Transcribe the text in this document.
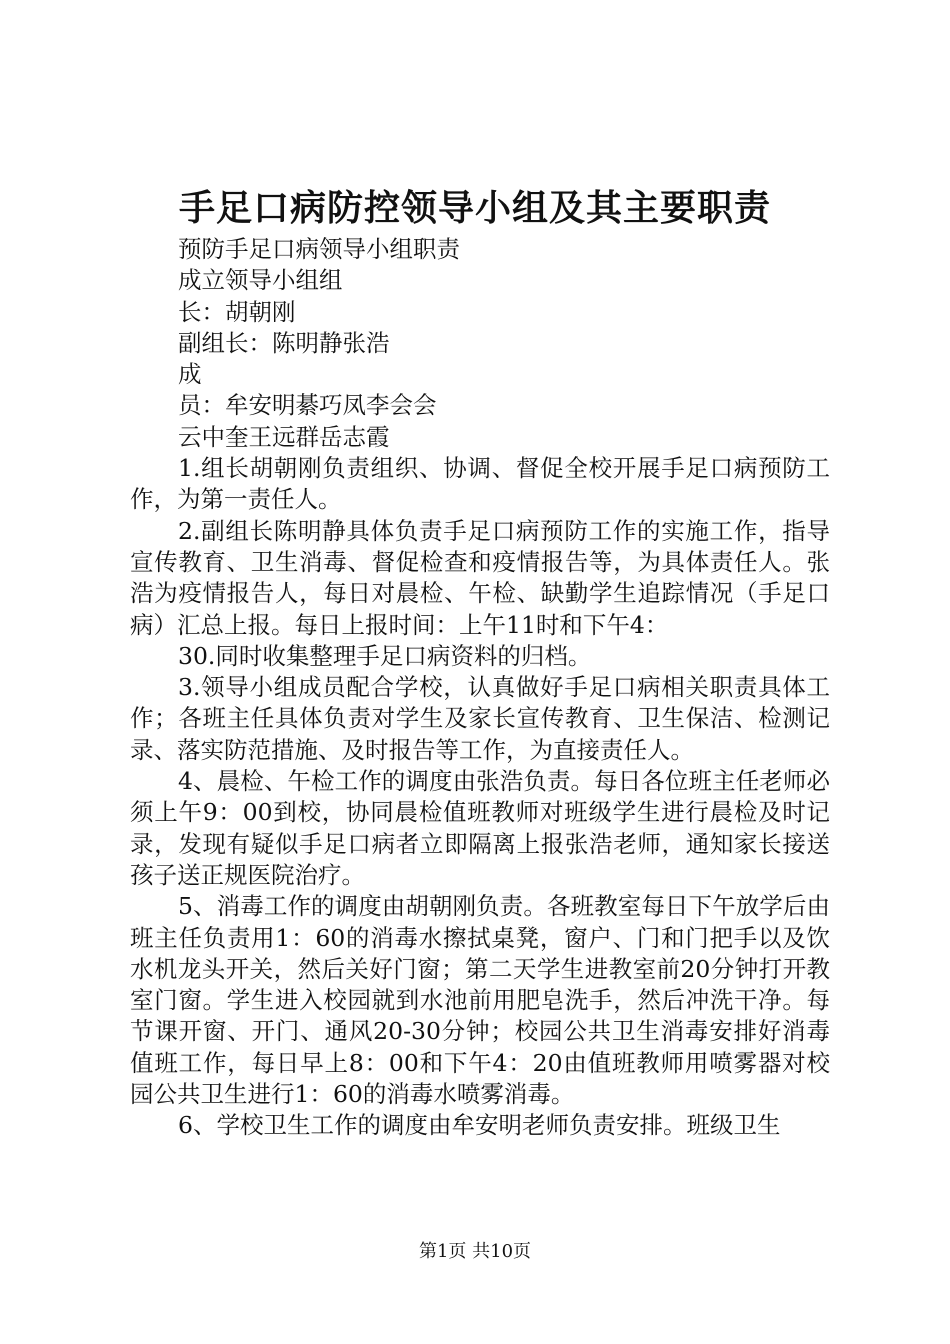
手足口病防控领导小组及其主要职责

预防手足口病领导小组职责

成立领导小组组

长：胡朝刚

副组长：陈明静张浩

成

员：牟安明綦巧凤李会会

云中奎王远群岳志霞

1.组长胡朝刚负责组织、协调、督促全校开展手足口病预防工作，为第一责任人。

2.副组长陈明静具体负责手足口病预防工作的实施工作，指导宣传教育、卫生消毒、督促检查和疫情报告等，为具体责任人。张浩为疫情报告人，每日对晨检、午检、缺勤学生追踪情况（手足口病）汇总上报。每日上报时间：上午11时和下午4：

30.同时收集整理手足口病资料的归档。

3.领导小组成员配合学校，认真做好手足口病相关职责具体工作；各班主任具体负责对学生及家长宣传教育、卫生保洁、检测记录、落实防范措施、及时报告等工作，为直接责任人。

4、晨检、午检工作的调度由张浩负责。每日各位班主任老师必须上午9：00到校，协同晨检值班教师对班级学生进行晨检及时记录，发现有疑似手足口病者立即隔离上报张浩老师，通知家长接送孩子送正规医院治疗。

5、消毒工作的调度由胡朝刚负责。各班教室每日下午放学后由班主任负责用1：60的消毒水擦拭桌凳，窗户、门和门把手以及饮水机龙头开关，然后关好门窗；第二天学生进教室前20分钟打开教室门窗。学生进入校园就到水池前用肥皂洗手，然后冲洗干净。每节课开窗、开门、通风20-30分钟；校园公共卫生消毒安排好消毒值班工作，每日早上8：00和下午4：20由值班教师用喷雾器对校园公共卫生进行1：60的消毒水喷雾消毒。

6、学校卫生工作的调度由牟安明老师负责安排。班级卫生

第1页 共10页
